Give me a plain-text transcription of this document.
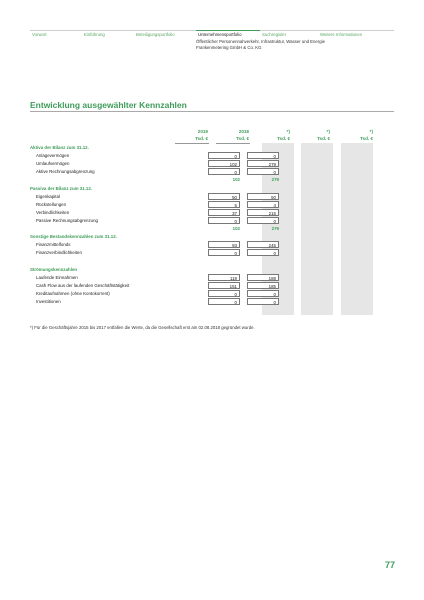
Vorwort	Einführung	Beteiligungsportfolio	Unternehmensportfolio	Suchregister	Weitere Informationen
Öffentlicher Personennahverkehr, Infrastruktur, Wasser und Energie
Frankenmetering GmbH & Co. KG
Entwicklung ausgewählter Kennzahlen
2019
Tsd. €
2018
Tsd. €
*)
Tsd. €
*)
Tsd. €
*)
Tsd. €
Aktiva der Bilanz zum 31.12.
Anlagevermögen	0	0
Umlaufvermögen	102	279
Aktive Rechnungsabgrenzung	0	0
102	279
Passiva der Bilanz zum 31.12.
Eigenkapital	50	50
Rückstellungen	5	4
Verbindlichkeiten	37	215
Passive Rechnungsabgrenzung	0	0
102	279
Sonstige Bestandskennzahlen zum 31.12.
Finanzmittelfonds	93	245
Finanzverbindlichkeiten	0	0
Strömungskennzahlen
Laufende Einnahmen	119	188
Cash Flow aus der laufenden Geschäftstätigkeit	151	185
Kreditaufnahmen (ohne Kontokorrent)	0	0
Investitionen	0	0
*) Für die Geschäftsjahre 2015 bis 2017 entfallen die Werte, da die Gesellschaft erst am 02.08.2018 gegründet wurde.
77
